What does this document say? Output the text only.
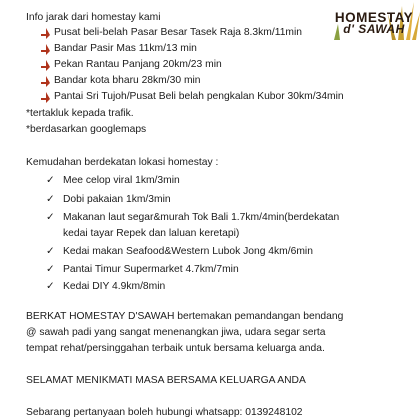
HOMESTAY
d' SAWAH
Info jarak dari homestay kami
Pusat beli-belah Pasar Besar Tasek Raja 8.3km/11min
Bandar Pasir Mas 11km/13 min
Pekan Rantau Panjang 20km/23 min
Bandar kota bharu 28km/30 min
Pantai Sri Tujoh/Pusat Beli belah pengkalan Kubor 30km/34min
*tertakluk kepada trafik.
*berdasarkan googlemaps
Kemudahan berdekatan lokasi homestay :
✓ Mee celop viral 1km/3min
✓ Dobi pakaian 1km/3min
✓ Makanan laut segar&murah Tok Bali 1.7km/4min(berdekatan
kedai tayar Repek dan laluan keretapi)
✓ Kedai makan Seafood&Western Lubok Jong 4km/6min
✓ Pantai Timur Supermarket 4.7km/7min
✓ Kedai DIY 4.9km/8min
BERKAT HOMESTAY D'SAWAH bertemakan pemandangan bendang
@ sawah padi yang sangat menenangkan jiwa, udara segar serta
tempat rehat/persinggahan terbaik untuk bersama keluarga anda.
SELAMAT MENIKMATI MASA BERSAMA KELUARGA ANDA
Sebarang pertanyaan boleh hubungi whatsapp: 0139248102
